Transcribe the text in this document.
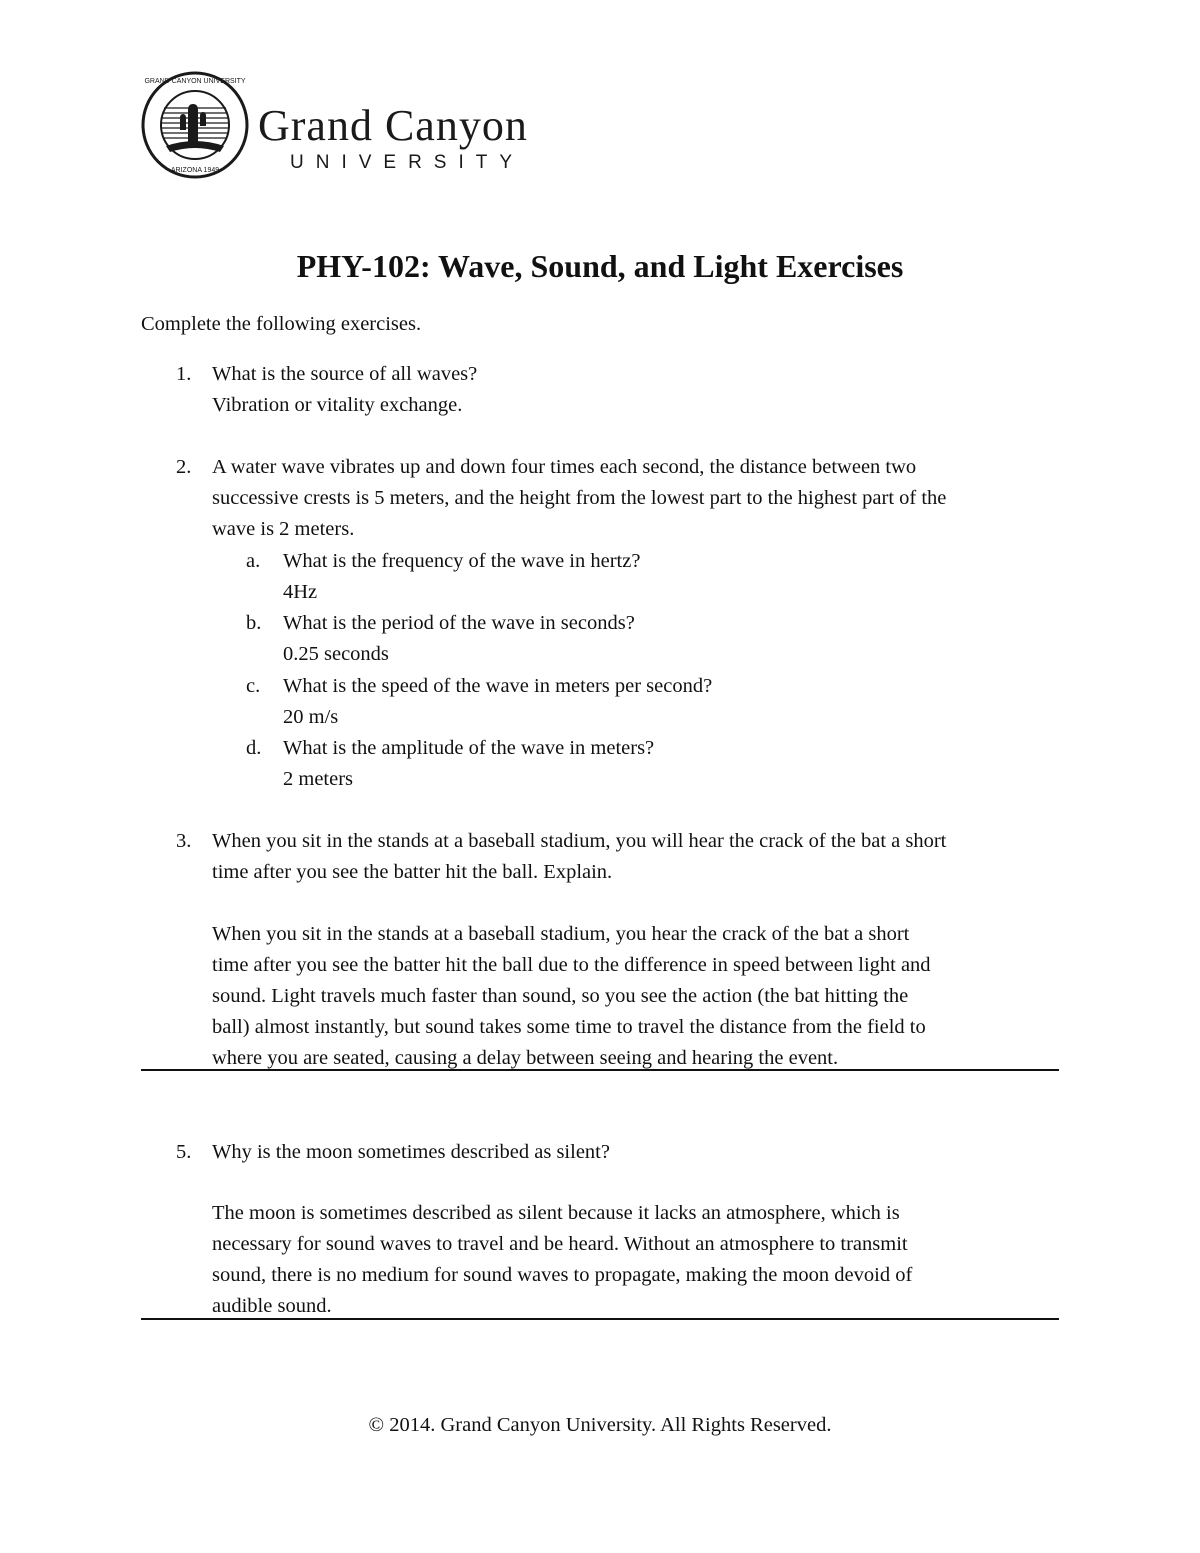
GRAND CANYON UNIVERSITY
ARIZONA 1949
Grand Canyon
UNIVERSITY
PHY-102: Wave, Sound, and Light Exercises
Complete the following exercises.
1. What is the source of all waves?
Vibration or vitality exchange.
2. A water wave vibrates up and down four times each second, the distance between two
successive crests is 5 meters, and the height from the lowest part to the highest part of the
wave is 2 meters.
a. What is the frequency of the wave in hertz?
4Hz
b. What is the period of the wave in seconds?
0.25 seconds
c. What is the speed of the wave in meters per second?
20 m/s
d. What is the amplitude of the wave in meters?
2 meters
3. When you sit in the stands at a baseball stadium, you will hear the crack of the bat a short
time after you see the batter hit the ball. Explain.
When you sit in the stands at a baseball stadium, you hear the crack of the bat a short
time after you see the batter hit the ball due to the difference in speed between light and
sound. Light travels much faster than sound, so you see the action (the bat hitting the
ball) almost instantly, but sound takes some time to travel the distance from the field to
where you are seated, causing a delay between seeing and hearing the event.
5. Why is the moon sometimes described as silent?
The moon is sometimes described as silent because it lacks an atmosphere, which is
necessary for sound waves to travel and be heard. Without an atmosphere to transmit
sound, there is no medium for sound waves to propagate, making the moon devoid of
audible sound.
© 2014. Grand Canyon University. All Rights Reserved.
